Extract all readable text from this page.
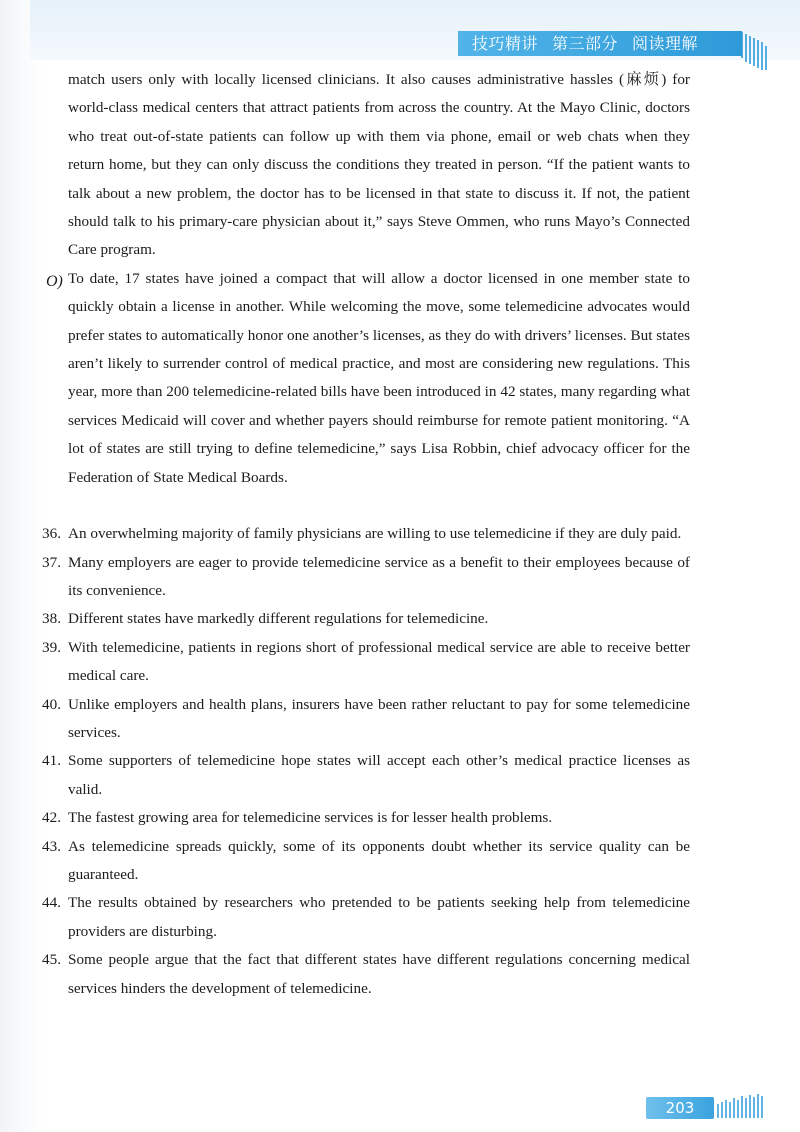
技巧精讲 第三部分 阅读理解

match users only with locally licensed clinicians. It also causes administrative hassles (麻烦) for world-class medical centers that attract patients from across the country. At the Mayo Clinic, doctors who treat out-of-state patients can follow up with them via phone, email or web chats when they return home, but they can only discuss the conditions they treated in person. “If the patient wants to talk about a new problem, the doctor has to be licensed in that state to discuss it. If not, the patient should talk to his primary-care physician about it,” says Steve Ommen, who runs Mayo’s Connected Care program.

O) To date, 17 states have joined a compact that will allow a doctor licensed in one member state to quickly obtain a license in another. While welcoming the move, some telemedicine advocates would prefer states to automatically honor one another’s licenses, as they do with drivers’ licenses. But states aren’t likely to surrender control of medical practice, and most are considering new regulations. This year, more than 200 telemedicine-related bills have been introduced in 42 states, many regarding what services Medicaid will cover and whether payers should reimburse for remote patient monitoring. “A lot of states are still trying to define telemedicine,” says Lisa Robbin, chief advocacy officer for the Federation of State Medical Boards.

36. An overwhelming majority of family physicians are willing to use telemedicine if they are duly paid.

37. Many employers are eager to provide telemedicine service as a benefit to their employees because of its convenience.

38. Different states have markedly different regulations for telemedicine.

39. With telemedicine, patients in regions short of professional medical service are able to receive better medical care.

40. Unlike employers and health plans, insurers have been rather reluctant to pay for some telemedicine services.

41. Some supporters of telemedicine hope states will accept each other’s medical practice licenses as valid.

42. The fastest growing area for telemedicine services is for lesser health problems.

43. As telemedicine spreads quickly, some of its opponents doubt whether its service quality can be guaranteed.

44. The results obtained by researchers who pretended to be patients seeking help from telemedicine providers are disturbing.

45. Some people argue that the fact that different states have different regulations concerning medical services hinders the development of telemedicine.

203
